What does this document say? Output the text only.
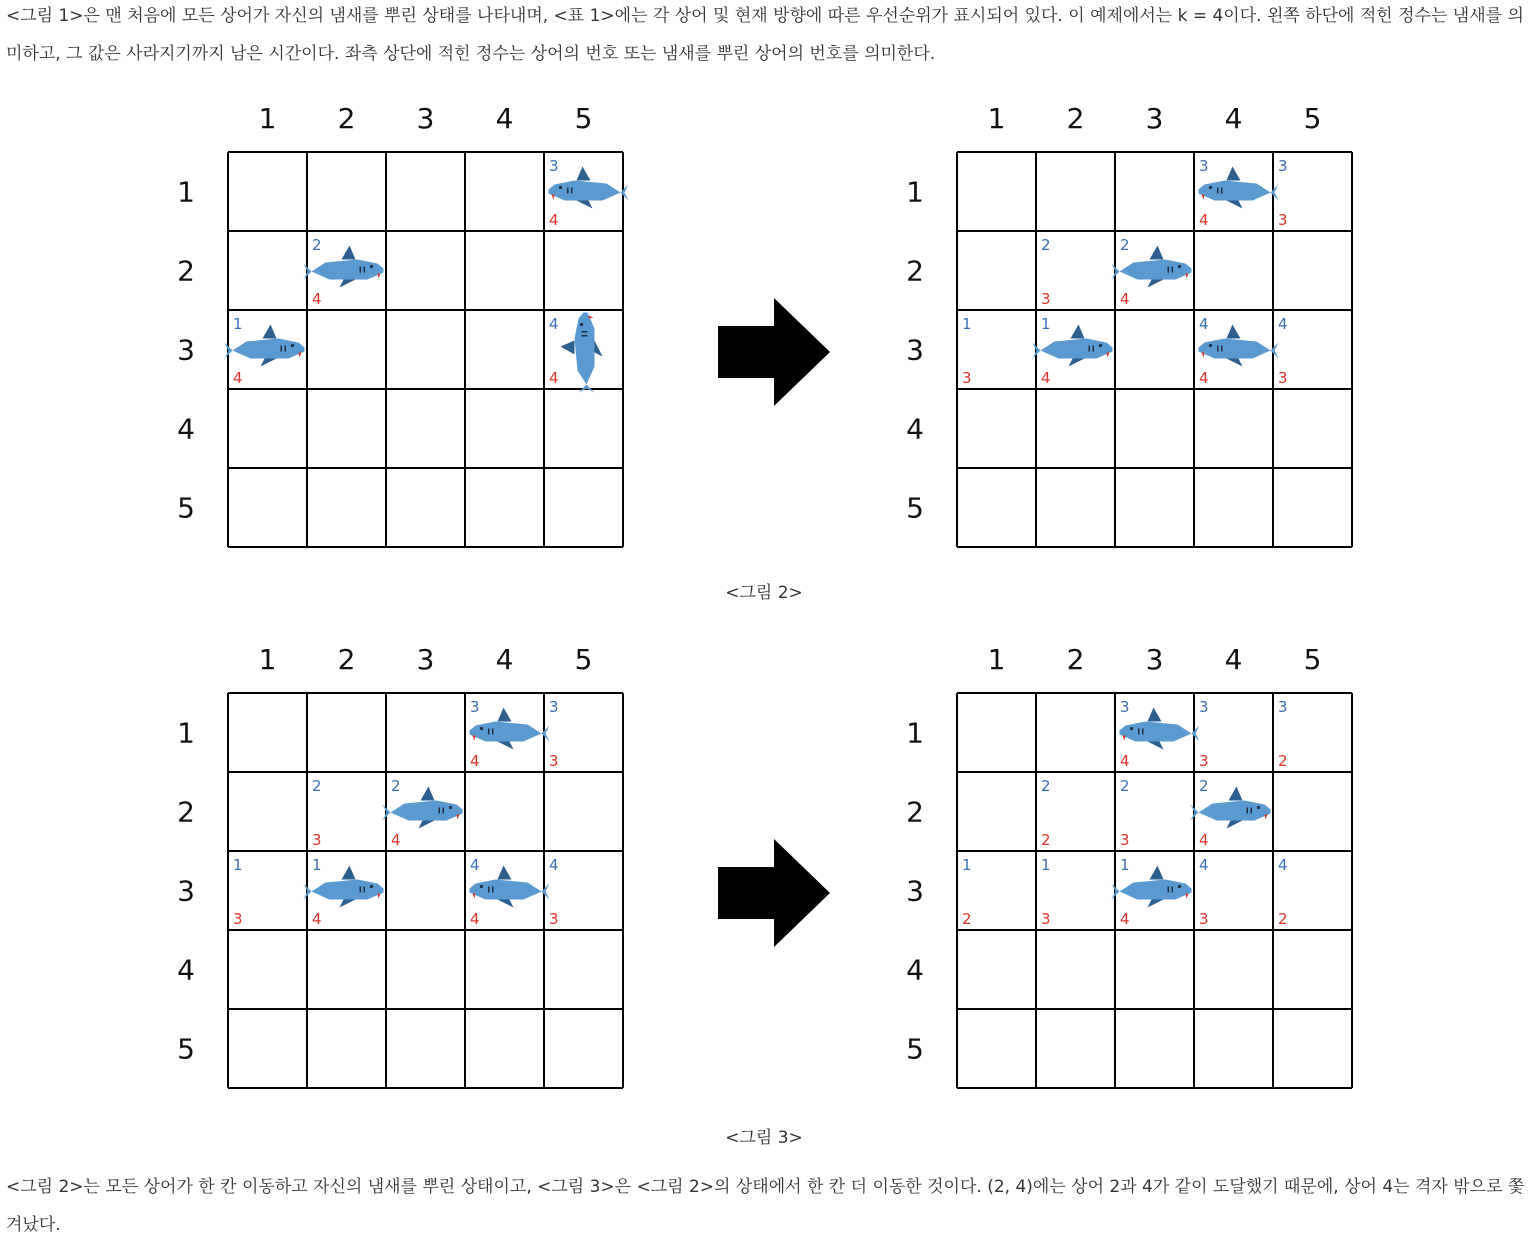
<그림 1>은 맨 처음에 모든 상어가 자신의 냄새를 뿌린 상태를 나타내며, <표 1>에는 각 상어 및 현재 방향에 따른 우선순위가 표시되어 있다. 이 예제에서는 k = 4이다. 왼쪽 하단에 적힌 정수는 냄새를 의미하고, 그 값은 사라지기까지 남은 시간이다. 좌측 상단에 적힌 정수는 상어의 번호 또는 냄새를 뿌린 상어의 번호를 의미한다.

1
1
2
2
3
3
4
4
5
5
3
4
2
4
1
4
4
4
1
1
2
2
3
3
4
4
5
5
3
4
3
3
2
3
2
4
1
3
1
4
4
4
4
3
<그림 2>
1
1
2
2
3
3
4
4
5
5
3
4
3
3
2
3
2
4
1
3
1
4
4
4
4
3
1
1
2
2
3
3
4
4
5
5
3
4
3
3
3
2
2
2
2
3
2
4
1
2
1
3
1
4
4
3
4
2
<그림 3>

<그림 2>는 모든 상어가 한 칸 이동하고 자신의 냄새를 뿌린 상태이고, <그림 3>은 <그림 2>의 상태에서 한 칸 더 이동한 것이다. (2, 4)에는 상어 2과 4가 같이 도달했기 때문에, 상어 4는 격자 밖으로 쫓겨났다.
